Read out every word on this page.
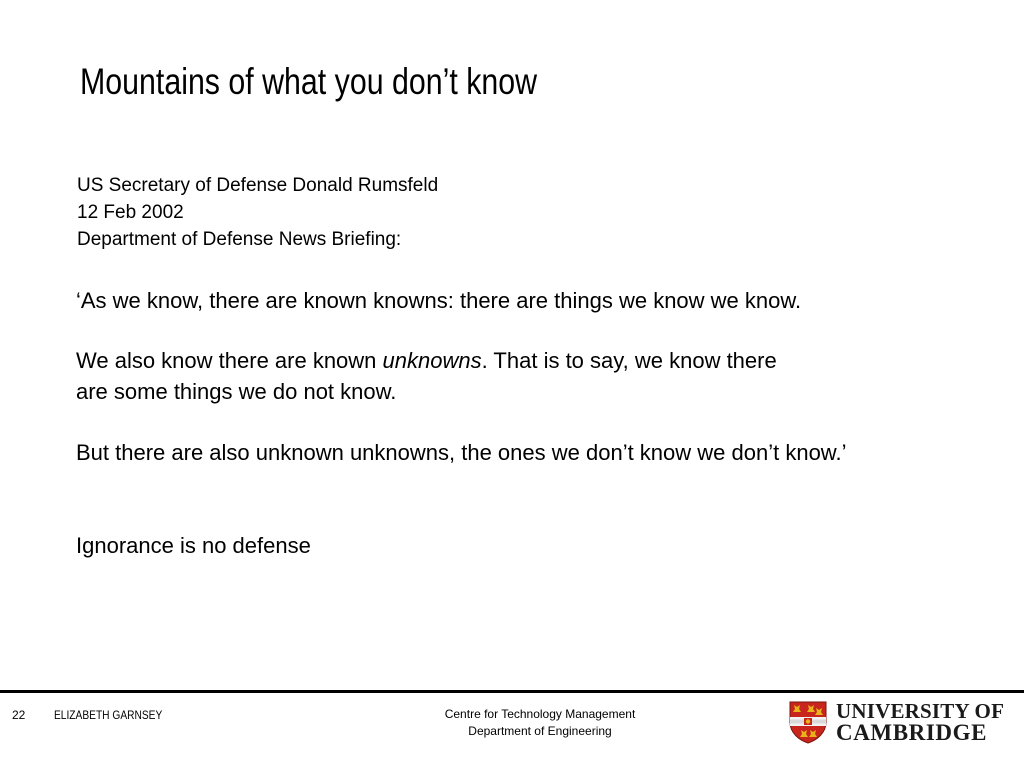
Mountains of what you don’t know
US Secretary of Defense Donald Rumsfeld
12 Feb 2002
Department of Defense News Briefing:

‘As we know, there are known knowns: there are things we know we know.

We also know there are known unknowns. That is to say, we know there
are some things we do not know.

But there are also unknown unknowns, the ones we don’t know we don’t know.’

Ignorance is no defense

22 ELIZABETH GARNSEY	Centre for Technology Management
Department of Engineering
UNIVERSITY OF
CAMBRIDGE
